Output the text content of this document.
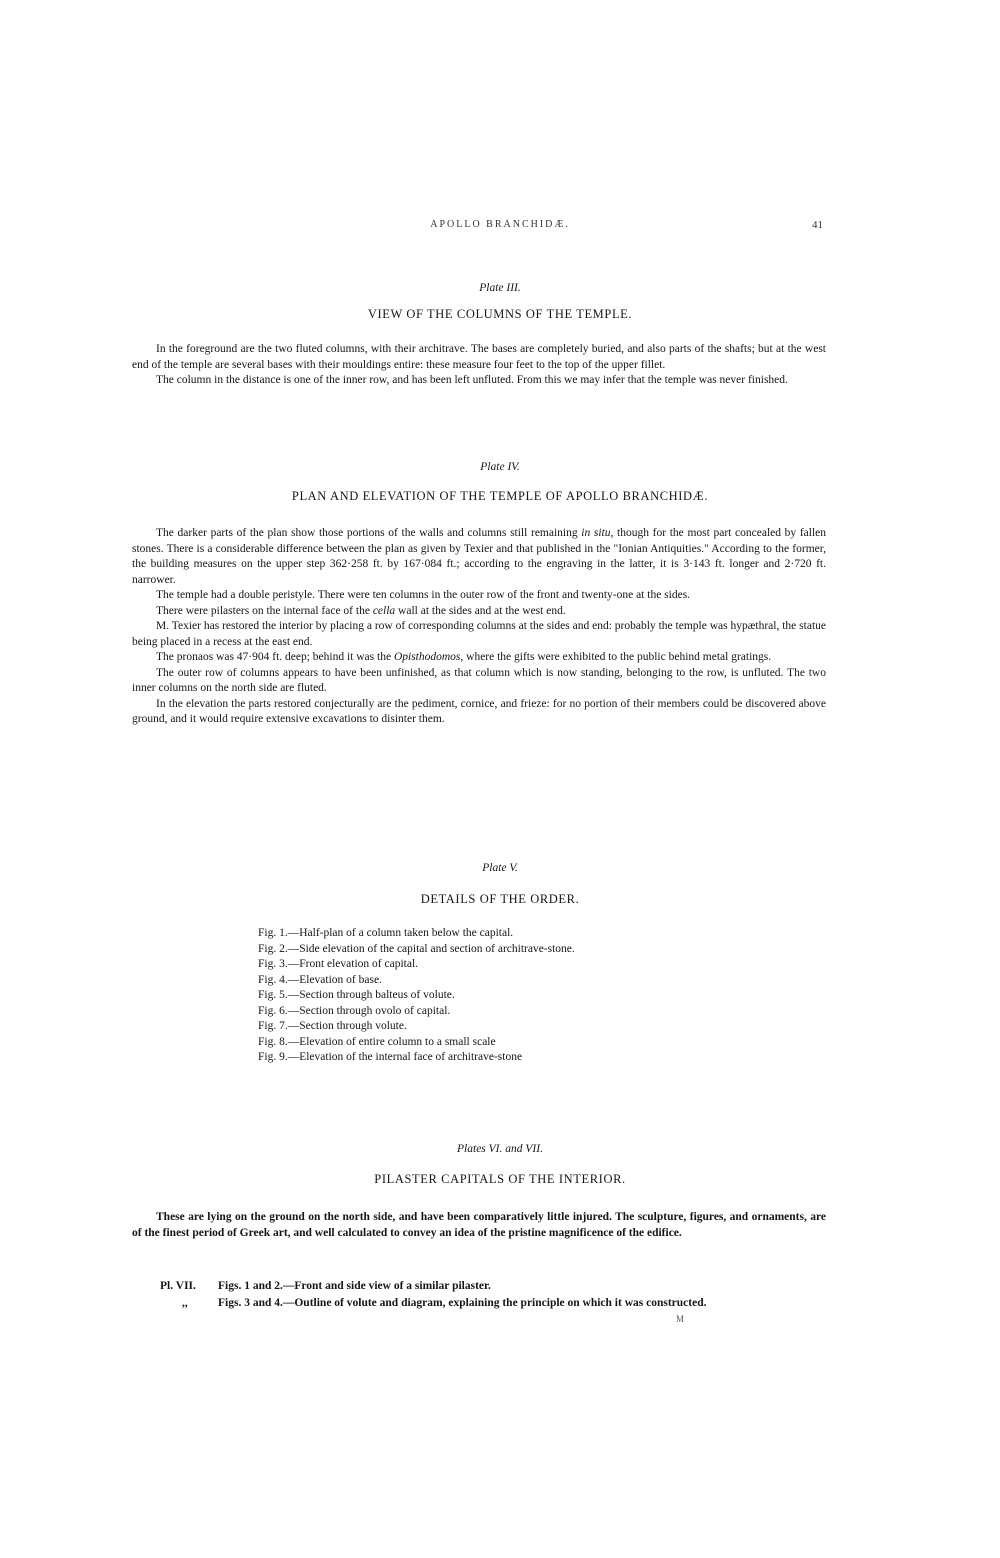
APOLLO BRANCHIDÆ.	41
Plate III.
VIEW OF THE COLUMNS OF THE TEMPLE.

In the foreground are the two fluted columns, with their architrave. The bases are completely buried, and also parts of the shafts; but at the west end of the temple are several bases with their mouldings entire: these measure four feet to the top of the upper fillet.

The column in the distance is one of the inner row, and has been left unfluted. From this we may infer that the temple was never finished.

Plate IV.
PLAN AND ELEVATION OF THE TEMPLE OF APOLLO BRANCHIDÆ.

The darker parts of the plan show those portions of the walls and columns still remaining in situ, though for the most part concealed by fallen stones. There is a considerable difference between the plan as given by Texier and that published in the "Ionian Antiquities." According to the former, the building measures on the upper step 362·258 ft. by 167·084 ft.; according to the engraving in the latter, it is 3·143 ft. longer and 2·720 ft. narrower.

The temple had a double peristyle. There were ten columns in the outer row of the front and twenty-one at the sides.

There were pilasters on the internal face of the cella wall at the sides and at the west end.

M. Texier has restored the interior by placing a row of corresponding columns at the sides and end: probably the temple was hypæthral, the statue being placed in a recess at the east end.

The pronaos was 47·904 ft. deep; behind it was the Opisthodomos, where the gifts were exhibited to the public behind metal gratings.

The outer row of columns appears to have been unfinished, as that column which is now standing, belonging to the row, is unfluted. The two inner columns on the north side are fluted.

In the elevation the parts restored conjecturally are the pediment, cornice, and frieze: for no portion of their members could be discovered above ground, and it would require extensive excavations to disinter them.

Plate V.
DETAILS OF THE ORDER.
Fig. 1.—Half-plan of a column taken below the capital.
Fig. 2.—Side elevation of the capital and section of architrave-stone.
Fig. 3.—Front elevation of capital.
Fig. 4.—Elevation of base.
Fig. 5.—Section through balteus of volute.
Fig. 6.—Section through ovolo of capital.
Fig. 7.—Section through volute.
Fig. 8.—Elevation of entire column to a small scale
Fig. 9.—Elevation of the internal face of architrave-stone
Plates VI. and VII.
PILASTER CAPITALS OF THE INTERIOR.

These are lying on the ground on the north side, and have been comparatively little injured. The sculpture, figures, and ornaments, are of the finest period of Greek art, and well calculated to convey an idea of the pristine magnificence of the edifice.

Pl. VII. Figs. 1 and 2.—Front and side view of a similar pilaster.
,,	Figs. 3 and 4.—Outline of volute and diagram, explaining the principle on which it was constructed.
M
